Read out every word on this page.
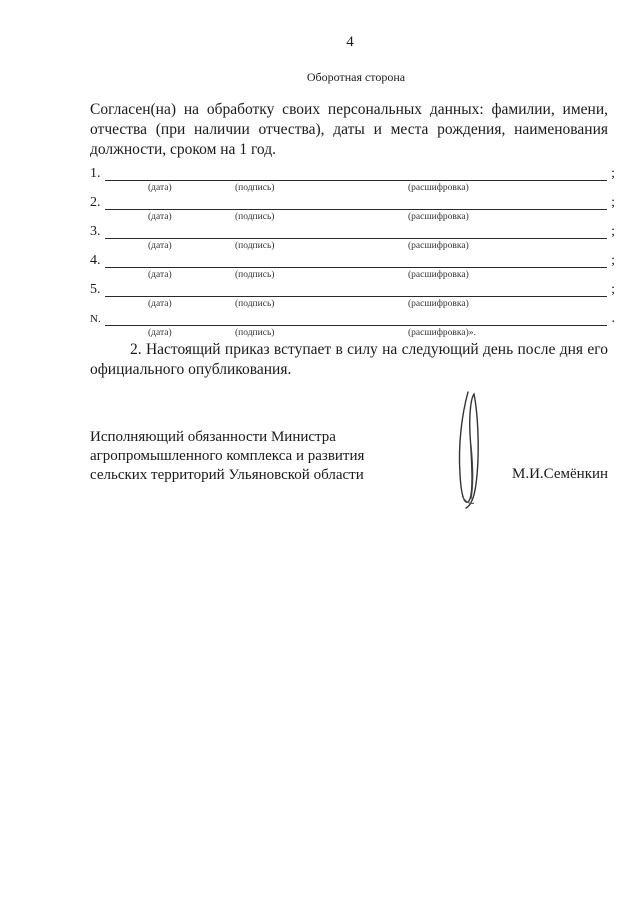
4
Оборотная сторона
Согласен(на) на обработку своих персональных данных: фамилии, имени, отчества (при наличии отчества), даты и места рождения, наименования должности, сроком на 1 год.
1.	;
(дата)	(подпись)	(расшифровка)
2.	;
(дата)	(подпись)	(расшифровка)
3.	;
(дата)	(подпись)	(расшифровка)
4.	;
(дата)	(подпись)	(расшифровка)
5.	;
(дата)	(подпись)	(расшифровка)
N.	.
(дата)	(подпись)	(расшифровка)».
2. Настоящий приказ вступает в силу на следующий день после дня его официального опубликования.
Исполняющий обязанности Министра
агропромышленного комплекса и развития
сельских территорий Ульяновской области	М.И.Семёнкин
